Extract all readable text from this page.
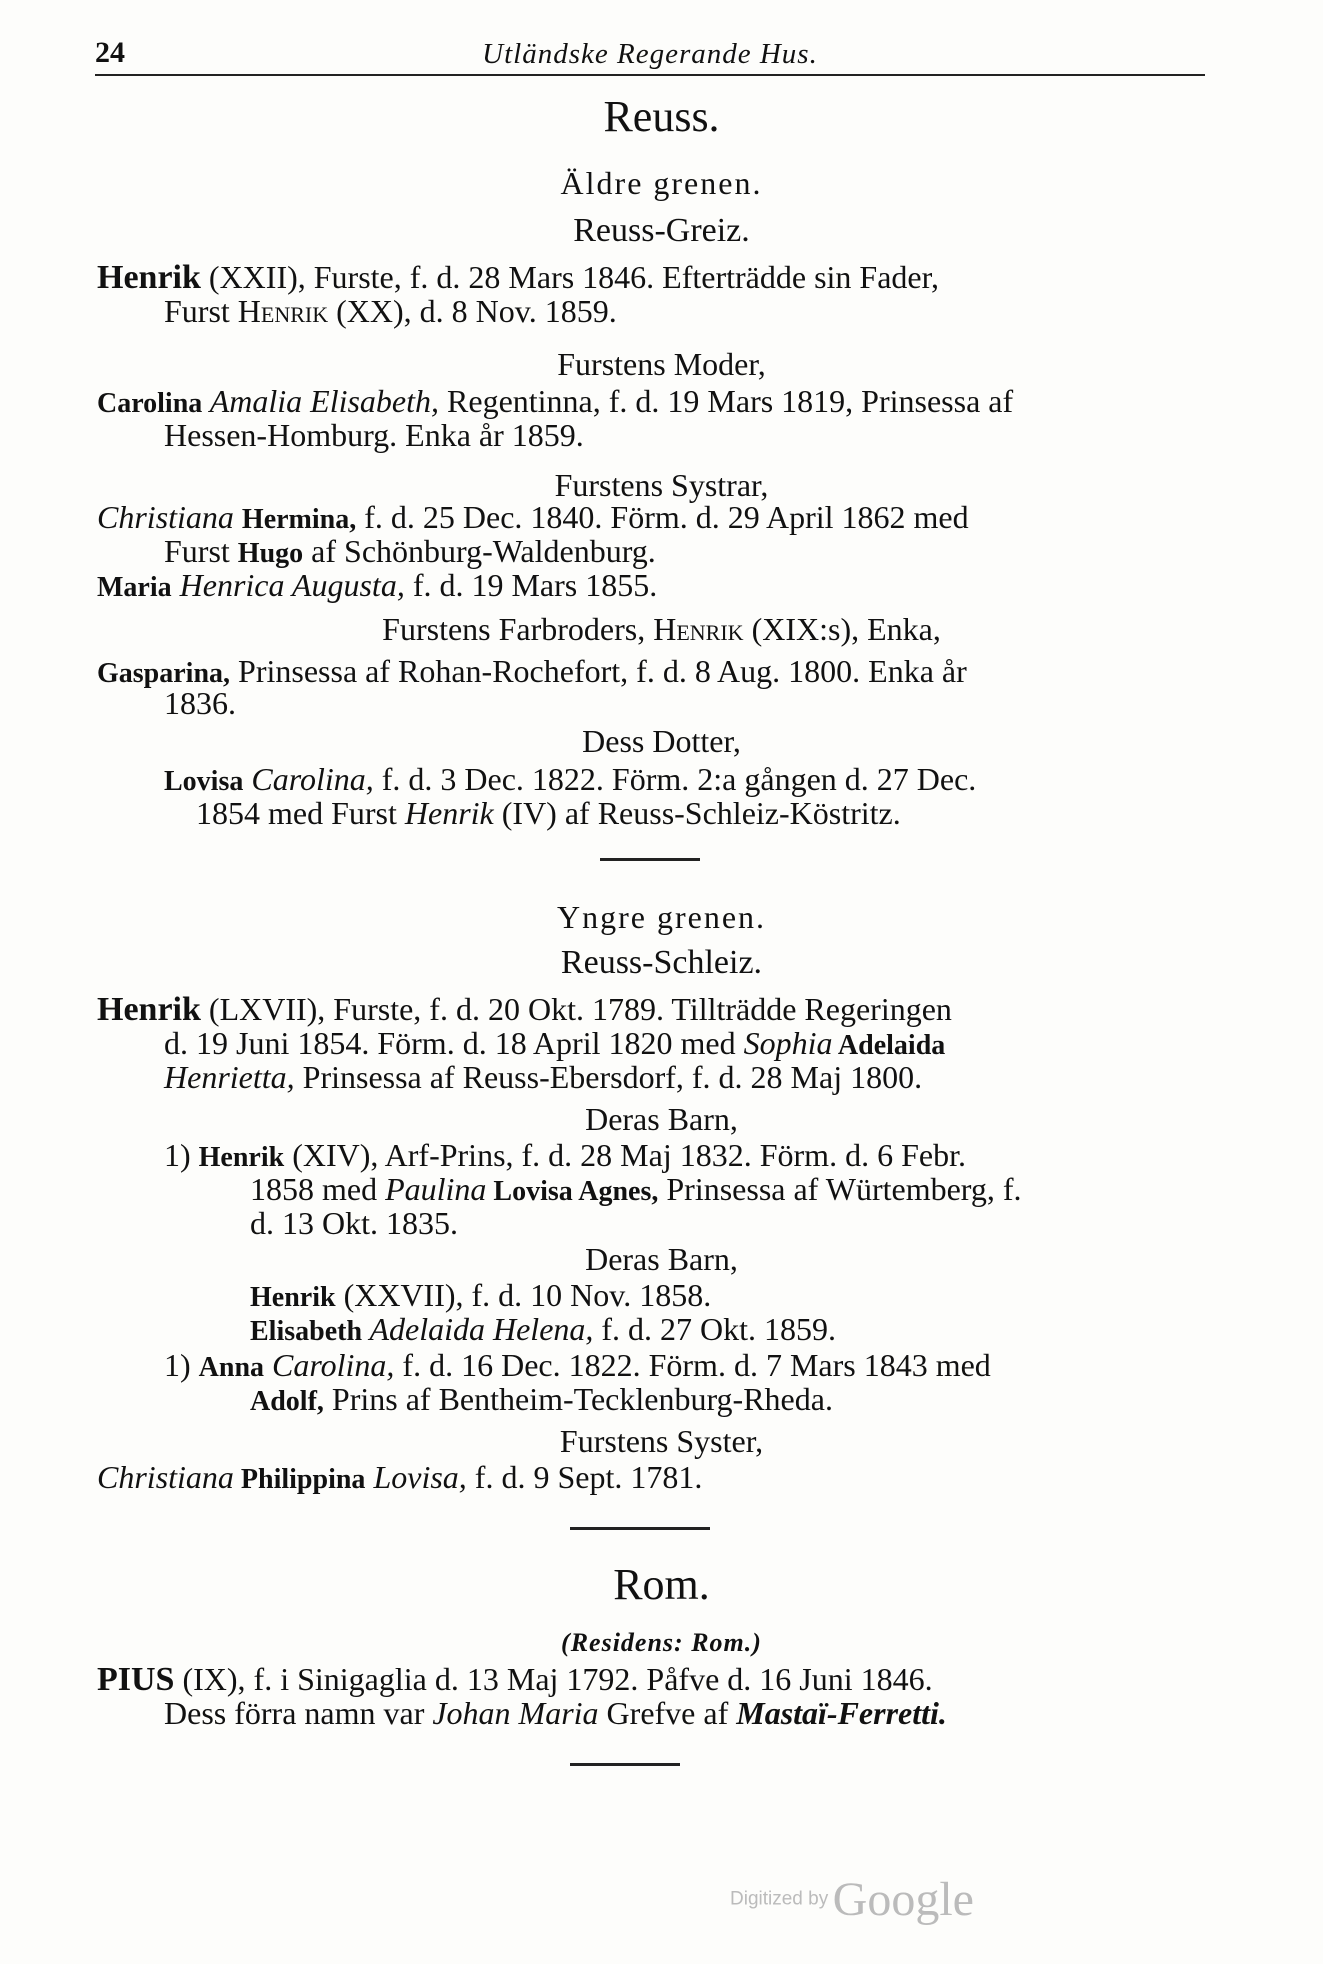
24	Utländske Regerande Hus.
Reuss.
Äldre grenen.
Reuss-Greiz.
Henrik (XXII), Furste, f. d. 28 Mars 1846. Efterträdde sin Fader,
Furst Henrik (XX), d. 8 Nov. 1859.
Furstens Moder,
Carolina Amalia Elisabeth, Regentinna, f. d. 19 Mars 1819, Prinsessa af
Hessen-Homburg. Enka år 1859.
Furstens Systrar,
Christiana Hermina, f. d. 25 Dec. 1840. Förm. d. 29 April 1862 med
Furst Hugo af Schönburg-Waldenburg.
Maria Henrica Augusta, f. d. 19 Mars 1855.
Furstens Farbroders, Henrik (XIX:s), Enka,
Gasparina, Prinsessa af Rohan-Rochefort, f. d. 8 Aug. 1800. Enka år
1836.
Dess Dotter,
Lovisa Carolina, f. d. 3 Dec. 1822. Förm. 2:a gången d. 27 Dec.
1854 med Furst Henrik (IV) af Reuss-Schleiz-Köstritz.
Yngre grenen.
Reuss-Schleiz.
Henrik (LXVII), Furste, f. d. 20 Okt. 1789. Tillträdde Regeringen
d. 19 Juni 1854. Förm. d. 18 April 1820 med Sophia Adelaida
Henrietta, Prinsessa af Reuss-Ebersdorf, f. d. 28 Maj 1800.
Deras Barn,
1) Henrik (XIV), Arf-Prins, f. d. 28 Maj 1832. Förm. d. 6 Febr.
1858 med Paulina Lovisa Agnes, Prinsessa af Würtemberg, f.
d. 13 Okt. 1835.
Deras Barn,
Henrik (XXVII), f. d. 10 Nov. 1858.
Elisabeth Adelaida Helena, f. d. 27 Okt. 1859.
1) Anna Carolina, f. d. 16 Dec. 1822. Förm. d. 7 Mars 1843 med
Adolf, Prins af Bentheim-Tecklenburg-Rheda.
Furstens Syster,
Christiana Philippina Lovisa, f. d. 9 Sept. 1781.
Rom.
(Residens: Rom.)
PIUS (IX), f. i Sinigaglia d. 13 Maj 1792. Påfve d. 16 Juni 1846.
Dess förra namn var Johan Maria Grefve af Mastaï-Ferretti.
Digitized by Google
